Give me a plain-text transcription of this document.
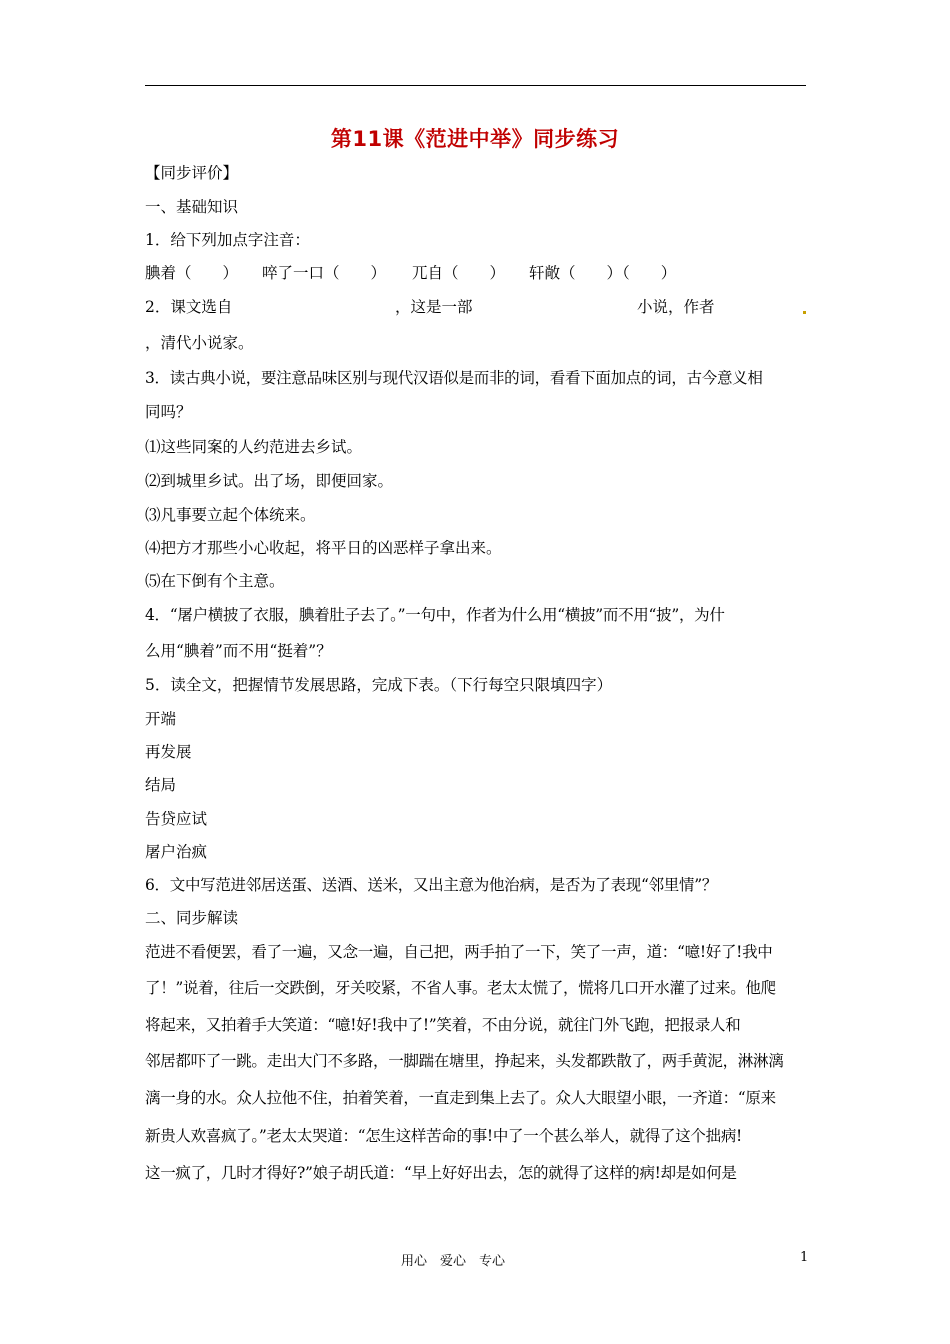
第11课《范进中举》同步练习
【同步评价】
一、基础知识
1．给下列加点字注音：
腆着（　　） 啐了一口（　　） 兀自（　　） 轩敞（　　）（　　）
2．课文选自	，这是一部	小说，作者
，清代小说家。
3．读古典小说，要注意品味区别与现代汉语似是而非的词，看看下面加点的词，古今意义相
同吗？
⑴这些同案的人约范进去乡试。
⑵到城里乡试。出了场，即便回家。
⑶凡事要立起个体统来。
⑷把方才那些小心收起，将平日的凶恶样子拿出来。
⑸在下倒有个主意。
4．“屠户横披了衣服，腆着肚子去了。”一句中，作者为什么用“横披”而不用“披”，为什
么用“腆着”而不用“挺着”？
5．读全文，把握情节发展思路，完成下表。（下行每空只限填四字）
开端
再发展
结局
告贷应试
屠户治疯
6．文中写范进邻居送蛋、送酒、送米，又出主意为他治病，是否为了表现“邻里情”？
二、同步解读
范进不看便罢，看了一遍，又念一遍，自己把，两手拍了一下，笑了一声，道：“噫!好了!我中
了！”说着，往后一交跌倒，牙关咬紧，不省人事。老太太慌了，慌将几口开水灌了过来。他爬
将起来，又拍着手大笑道：“噫!好!我中了!”笑着，不由分说，就往门外飞跑，把报录人和
邻居都吓了一跳。走出大门不多路，一脚踹在塘里，挣起来，头发都跌散了，两手黄泥，淋淋漓
漓一身的水。众人拉他不住，拍着笑着，一直走到集上去了。众人大眼望小眼，一齐道：“原来
新贵人欢喜疯了。”老太太哭道：“怎生这样苦命的事!中了一个甚么举人，就得了这个拙病!
这一疯了，几时才得好?”娘子胡氏道：“早上好好出去，怎的就得了这样的病!却是如何是
用心　爱心　专心	1
